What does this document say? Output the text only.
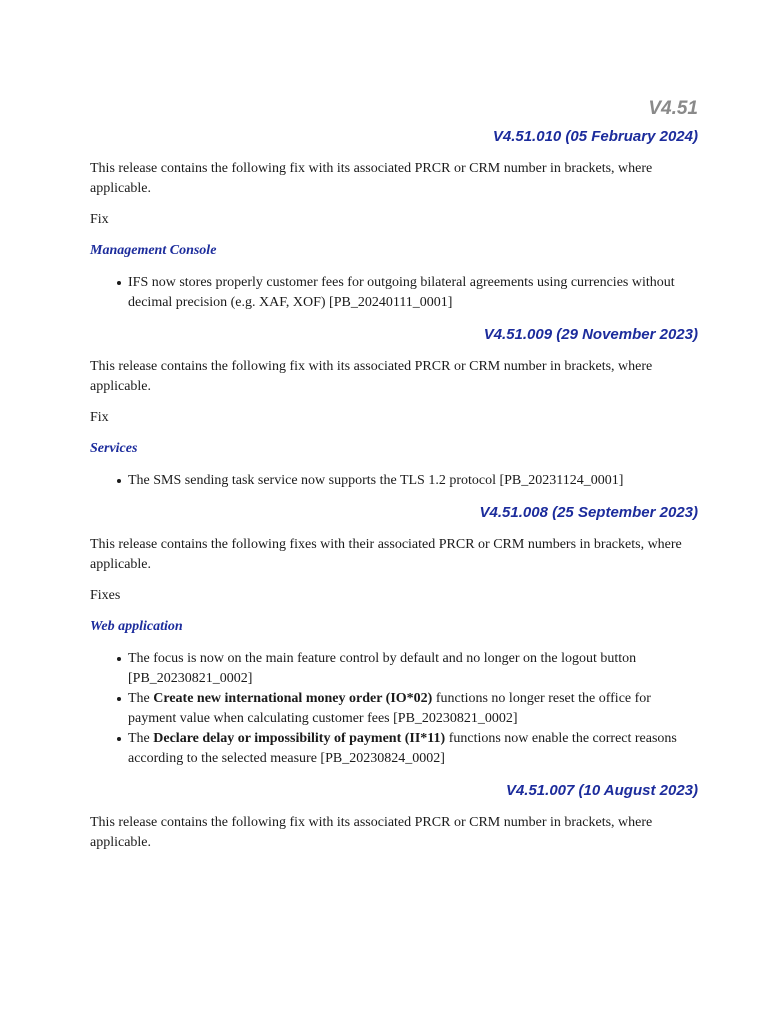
V4.51
V4.51.010 (05 February 2024)

This release contains the following fix with its associated PRCR or CRM number in brackets, where applicable.

Fix

Management Console

IFS now stores properly customer fees for outgoing bilateral agreements using currencies without decimal precision (e.g. XAF, XOF) [PB_20240111_0001]
V4.51.009 (29 November 2023)

This release contains the following fix with its associated PRCR or CRM number in brackets, where applicable.

Fix

Services

The SMS sending task service now supports the TLS 1.2 protocol [PB_20231124_0001]
V4.51.008 (25 September 2023)

This release contains the following fixes with their associated PRCR or CRM numbers in brackets, where applicable.

Fixes

Web application

The focus is now on the main feature control by default and no longer on the logout button [PB_20230821_0002]
The Create new international money order (IO*02) functions no longer reset the office for payment value when calculating customer fees [PB_20230821_0002]
The Declare delay or impossibility of payment (II*11) functions now enable the correct reasons according to the selected measure [PB_20230824_0002]
V4.51.007 (10 August 2023)

This release contains the following fix with its associated PRCR or CRM number in brackets, where applicable.
